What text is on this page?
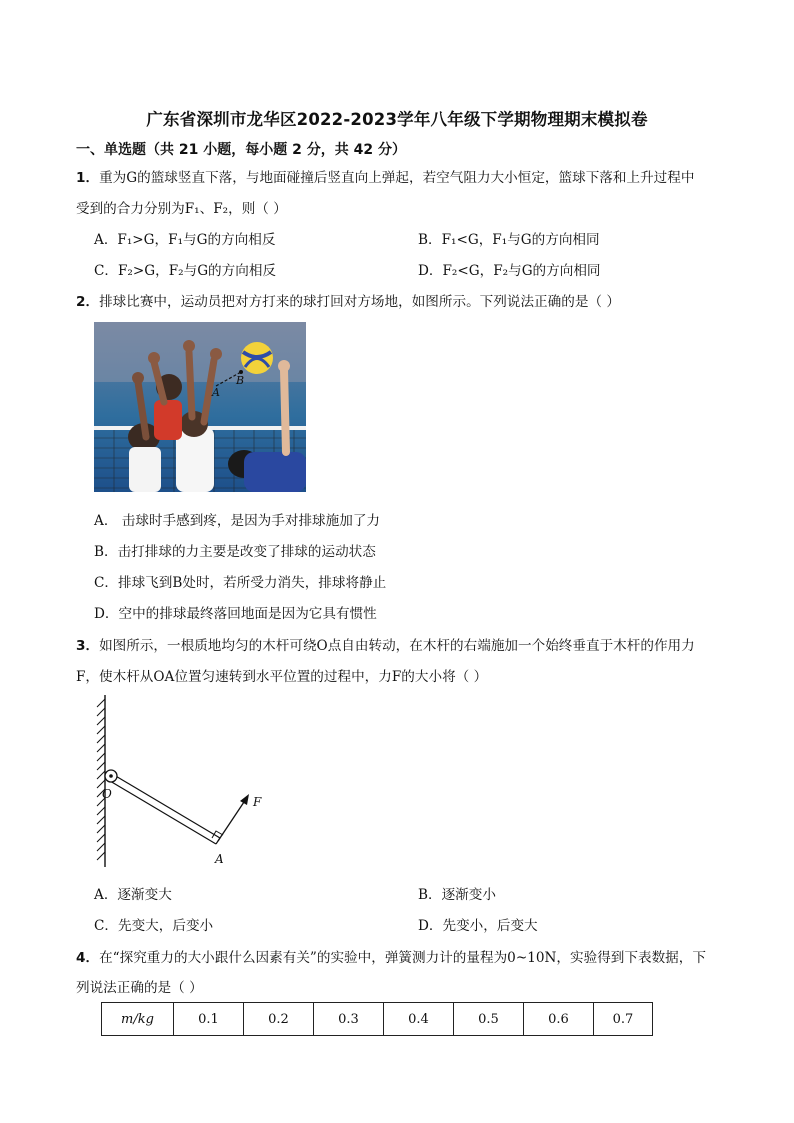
广东省深圳市龙华区2022-2023学年八年级下学期物理期末模拟卷
一、单选题（共 21 小题，每小题 2 分，共 42 分）
1．重为G的篮球竖直下落，与地面碰撞后竖直向上弹起，若空气阻力大小恒定，篮球下落和上升过程中
受到的合力分别为F₁、F₂，则（ ）
A．F₁>G，F₁与G的方向相反	B．F₁<G，F₁与G的方向相同
C．F₂>G，F₂与G的方向相反	D．F₂<G，F₂与G的方向相同
2．排球比赛中，运动员把对方打来的球打回对方场地，如图所示。下列说法正确的是（ ）
A
B
A． 击球时手感到疼，是因为手对排球施加了力
B．击打排球的力主要是改变了排球的运动状态
C．排球飞到B处时，若所受力消失，排球将静止
D．空中的排球最终落回地面是因为它具有惯性
3．如图所示，一根质地均匀的木杆可绕O点自由转动，在木杆的右端施加一个始终垂直于木杆的作用力
F，使木杆从OA位置匀速转到水平位置的过程中，力F的大小将（ ）
O
A
F
A．逐渐变大	B．逐渐变小
C．先变大，后变小	D．先变小，后变大
4．在“探究重力的大小跟什么因素有关”的实验中，弹簧测力计的量程为0~10N，实验得到下表数据，下
列说法正确的是（ ）
m/kg	0.1	0.2	0.3	0.4	0.5	0.6	0.7
